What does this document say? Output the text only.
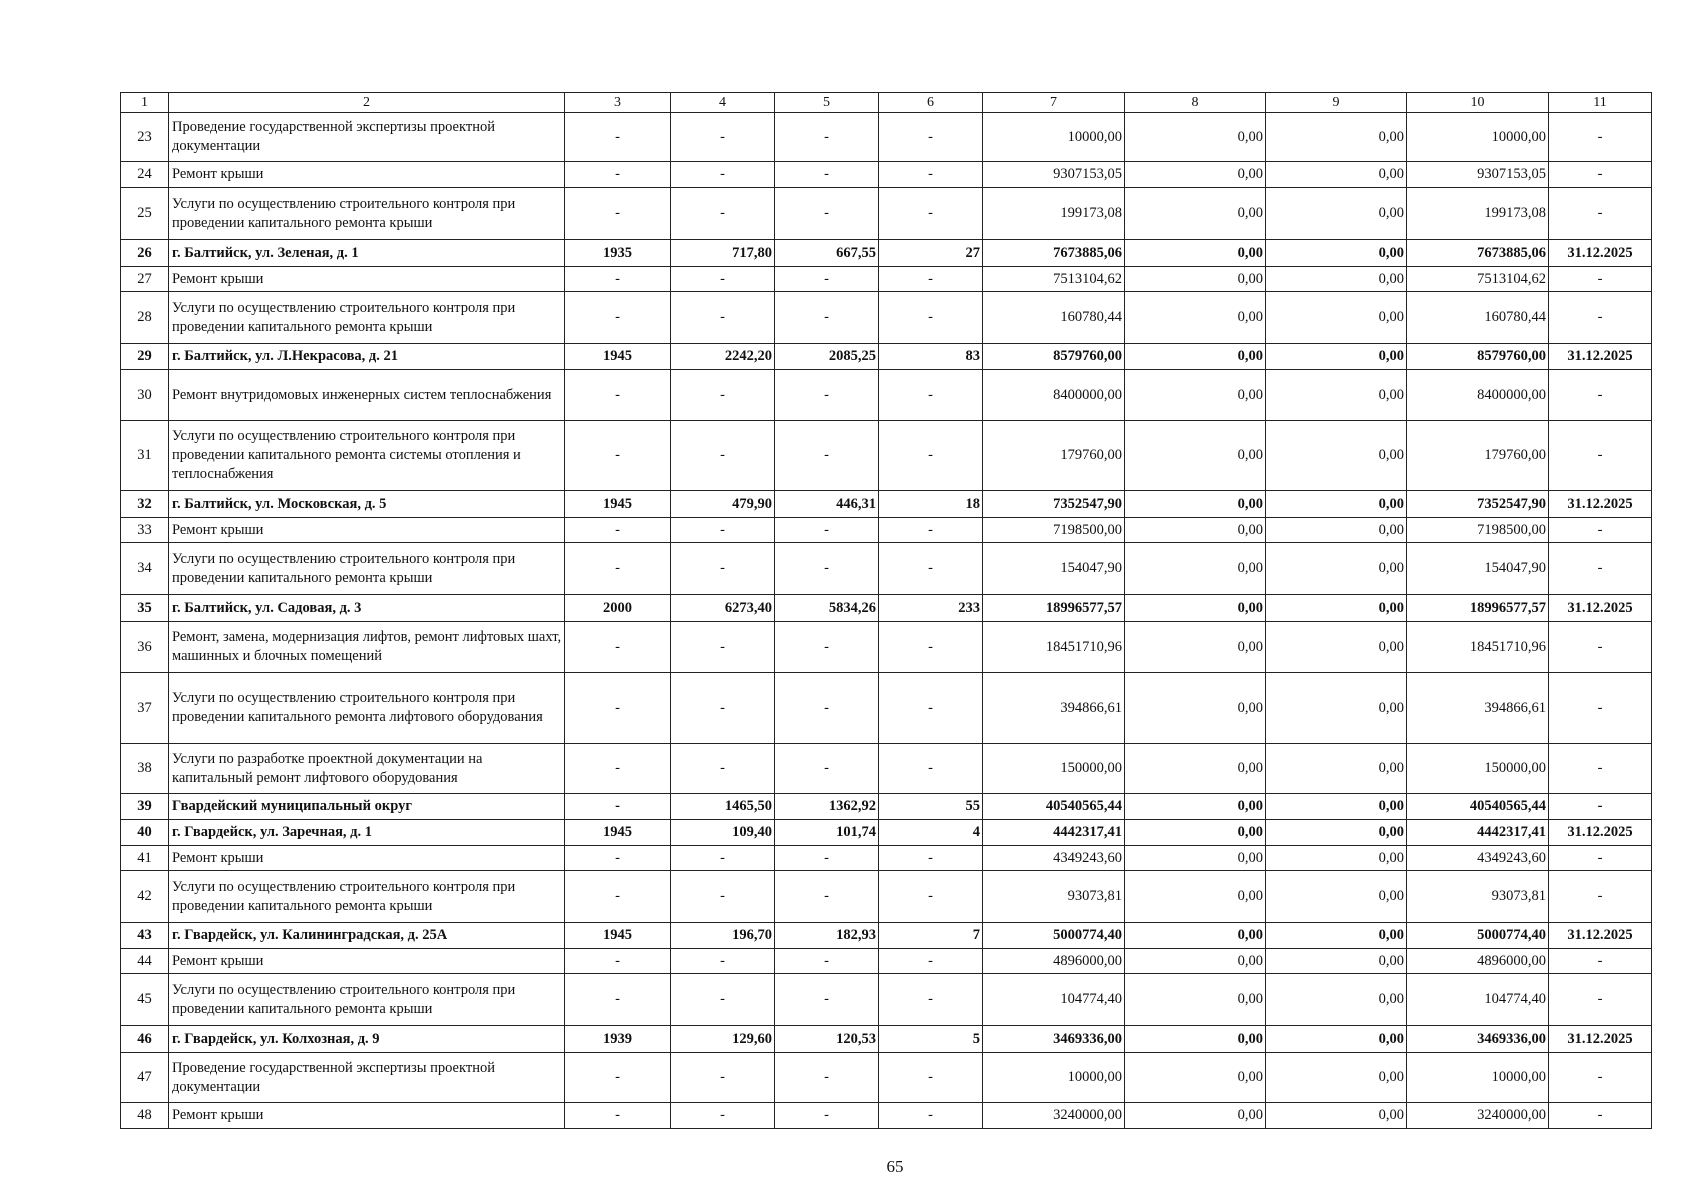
1	2	3	4	5	6	7	8	9	10	11
23	Проведение государственной экспертизы проектной документации	-	-	-	-	10000,00	0,00	0,00	10000,00	-
24	Ремонт крыши	-	-	-	-	9307153,05	0,00	0,00	9307153,05	-
25	Услуги по осуществлению строительного контроля при проведении капитального ремонта крыши	-	-	-	-	199173,08	0,00	0,00	199173,08	-
26	г. Балтийск, ул. Зеленая, д. 1	1935	717,80	667,55	27	7673885,06	0,00	0,00	7673885,06	31.12.2025
27	Ремонт крыши	-	-	-	-	7513104,62	0,00	0,00	7513104,62	-
28	Услуги по осуществлению строительного контроля при проведении капитального ремонта крыши	-	-	-	-	160780,44	0,00	0,00	160780,44	-
29	г. Балтийск, ул. Л.Некрасова, д. 21	1945	2242,20	2085,25	83	8579760,00	0,00	0,00	8579760,00	31.12.2025
30	Ремонт внутридомовых инженерных систем теплоснабжения	-	-	-	-	8400000,00	0,00	0,00	8400000,00	-
31	Услуги по осуществлению строительного контроля при проведении капитального ремонта системы отопления и теплоснабжения	-	-	-	-	179760,00	0,00	0,00	179760,00	-
32	г. Балтийск, ул. Московская, д. 5	1945	479,90	446,31	18	7352547,90	0,00	0,00	7352547,90	31.12.2025
33	Ремонт крыши	-	-	-	-	7198500,00	0,00	0,00	7198500,00	-
34	Услуги по осуществлению строительного контроля при проведении капитального ремонта крыши	-	-	-	-	154047,90	0,00	0,00	154047,90	-
35	г. Балтийск, ул. Садовая, д. 3	2000	6273,40	5834,26	233	18996577,57	0,00	0,00	18996577,57	31.12.2025
36	Ремонт, замена, модернизация лифтов, ремонт лифтовых шахт, машинных и блочных помещений	-	-	-	-	18451710,96	0,00	0,00	18451710,96	-
37	Услуги по осуществлению строительного контроля при проведении капитального ремонта лифтового оборудования	-	-	-	-	394866,61	0,00	0,00	394866,61	-
38	Услуги по разработке проектной документации на капитальный ремонт лифтового оборудования	-	-	-	-	150000,00	0,00	0,00	150000,00	-
39	Гвардейский муниципальный округ	-	1465,50	1362,92	55	40540565,44	0,00	0,00	40540565,44	-
40	г. Гвардейск, ул. Заречная, д. 1	1945	109,40	101,74	4	4442317,41	0,00	0,00	4442317,41	31.12.2025
41	Ремонт крыши	-	-	-	-	4349243,60	0,00	0,00	4349243,60	-
42	Услуги по осуществлению строительного контроля при проведении капитального ремонта крыши	-	-	-	-	93073,81	0,00	0,00	93073,81	-
43	г. Гвардейск, ул. Калининградская, д. 25А	1945	196,70	182,93	7	5000774,40	0,00	0,00	5000774,40	31.12.2025
44	Ремонт крыши	-	-	-	-	4896000,00	0,00	0,00	4896000,00	-
45	Услуги по осуществлению строительного контроля при проведении капитального ремонта крыши	-	-	-	-	104774,40	0,00	0,00	104774,40	-
46	г. Гвардейск, ул. Колхозная, д. 9	1939	129,60	120,53	5	3469336,00	0,00	0,00	3469336,00	31.12.2025
47	Проведение государственной экспертизы проектной документации	-	-	-	-	10000,00	0,00	0,00	10000,00	-
48	Ремонт крыши	-	-	-	-	3240000,00	0,00	0,00	3240000,00	-
65
